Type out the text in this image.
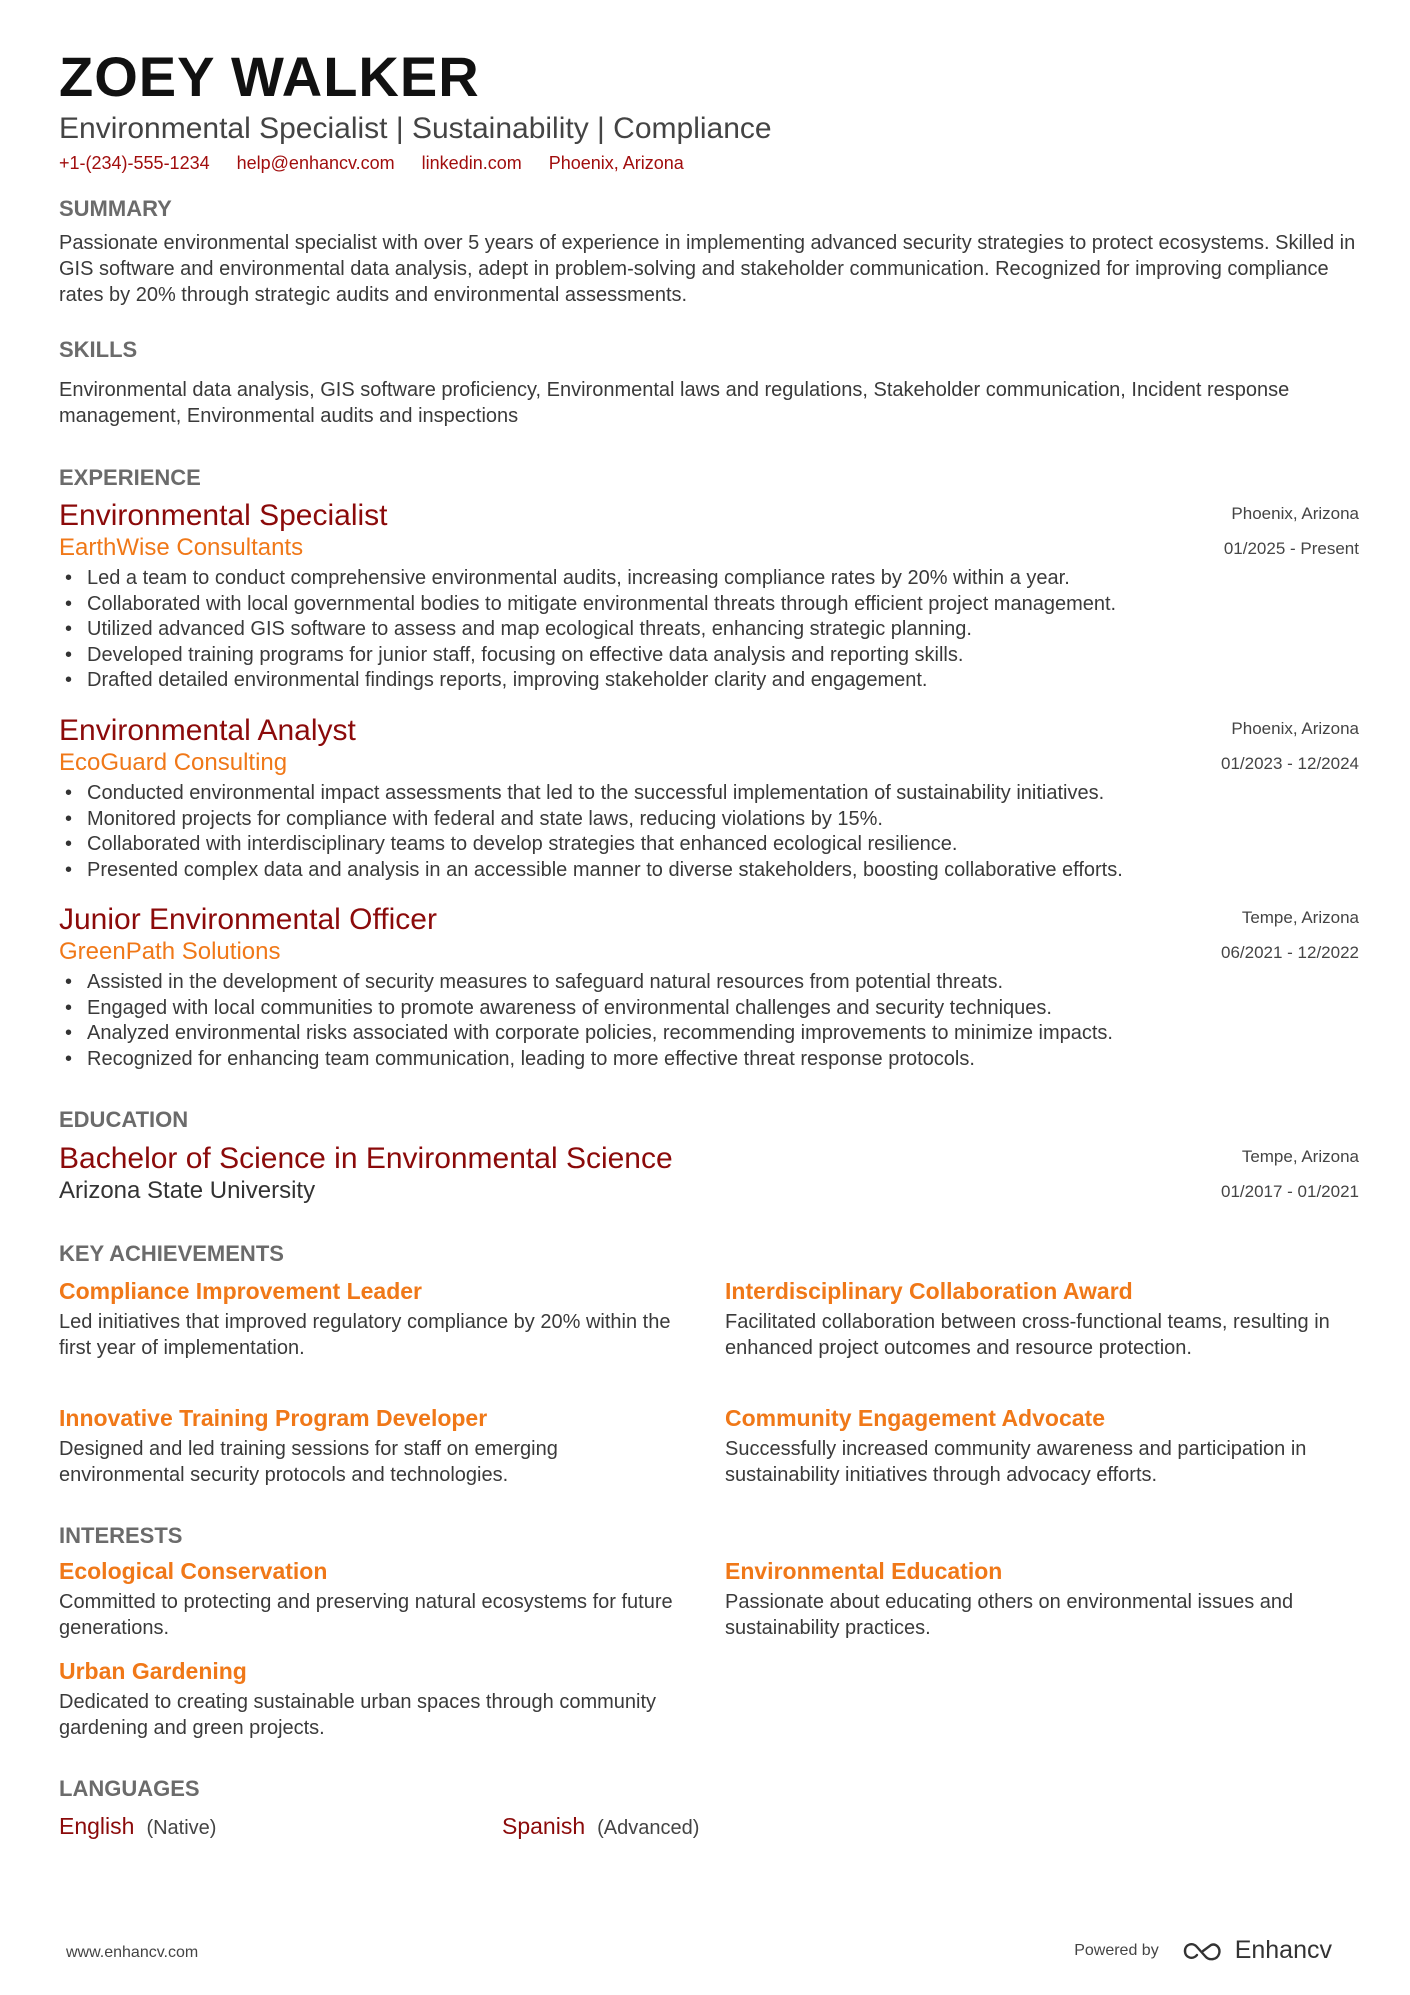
ZOEY WALKER
Environmental Specialist | Sustainability | Compliance
+1-(234)-555-1234 help@enhancv.com linkedin.com Phoenix, Arizona
SUMMARY
Passionate environmental specialist with over 5 years of experience in implementing advanced security strategies to protect ecosystems. Skilled in GIS software and environmental data analysis, adept in problem-solving and stakeholder communication. Recognized for improving compliance rates by 20% through strategic audits and environmental assessments.
SKILLS
Environmental data analysis, GIS software proficiency, Environmental laws and regulations, Stakeholder communication, Incident response management, Environmental audits and inspections
EXPERIENCE
Phoenix, Arizona
01/2025 - Present
Environmental Specialist
EarthWise Consultants
• Led a team to conduct comprehensive environmental audits, increasing compliance rates by 20% within a year.
• Collaborated with local governmental bodies to mitigate environmental threats through efficient project management.
• Utilized advanced GIS software to assess and map ecological threats, enhancing strategic planning.
• Developed training programs for junior staff, focusing on effective data analysis and reporting skills.
• Drafted detailed environmental findings reports, improving stakeholder clarity and engagement.
Phoenix, Arizona
01/2023 - 12/2024
Environmental Analyst
EcoGuard Consulting
• Conducted environmental impact assessments that led to the successful implementation of sustainability initiatives.
• Monitored projects for compliance with federal and state laws, reducing violations by 15%.
• Collaborated with interdisciplinary teams to develop strategies that enhanced ecological resilience.
• Presented complex data and analysis in an accessible manner to diverse stakeholders, boosting collaborative efforts.
Tempe, Arizona
06/2021 - 12/2022
Junior Environmental Officer
GreenPath Solutions
• Assisted in the development of security measures to safeguard natural resources from potential threats.
• Engaged with local communities to promote awareness of environmental challenges and security techniques.
• Analyzed environmental risks associated with corporate policies, recommending improvements to minimize impacts.
• Recognized for enhancing team communication, leading to more effective threat response protocols.
EDUCATION
Tempe, Arizona
01/2017 - 01/2021
Bachelor of Science in Environmental Science
Arizona State University
KEY ACHIEVEMENTS
Compliance Improvement Leader
Led initiatives that improved regulatory compliance by 20% within the first year of implementation.
Interdisciplinary Collaboration Award
Facilitated collaboration between cross-functional teams, resulting in enhanced project outcomes and resource protection.
Innovative Training Program Developer
Designed and led training sessions for staff on emerging environmental security protocols and technologies.
Community Engagement Advocate
Successfully increased community awareness and participation in sustainability initiatives through advocacy efforts.
INTERESTS
Ecological Conservation
Committed to protecting and preserving natural ecosystems for future generations.
Environmental Education
Passionate about educating others on environmental issues and sustainability practices.
Urban Gardening
Dedicated to creating sustainable urban spaces through community gardening and green projects.
LANGUAGES
English (Native)	Spanish (Advanced)
www.enhancv.com	Powered by	Enhancv
